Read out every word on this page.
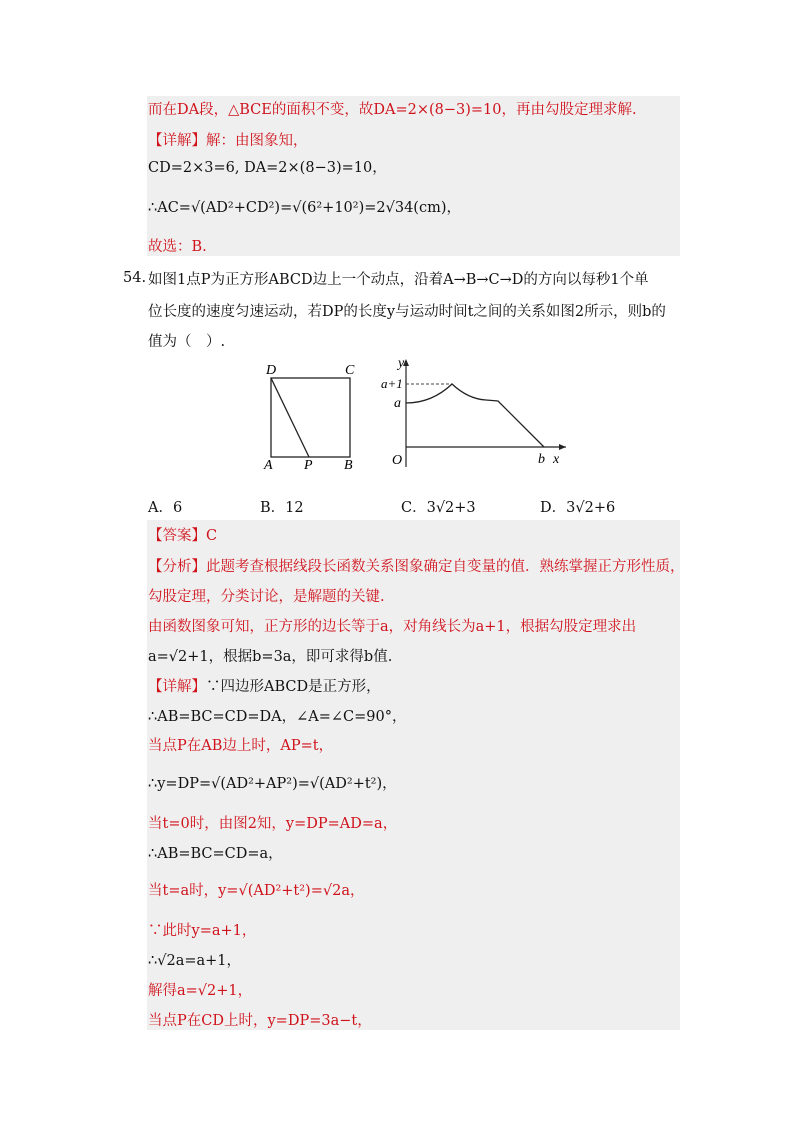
而在DA段，△BCE的面积不变，故DA=2×(8−3)=10，再由勾股定理求解.
【详解】解：由图象知，
CD=2×3=6, DA=2×(8−3)=10，
∴AC=√(AD²+CD²)=√(6²+10²)=2√34(cm)，
故选：B.
54. 如图1点P为正方形ABCD边上一个动点，沿着A→B→C→D的方向以每秒1个单
位长度的速度匀速运动，若DP的长度y与运动时间t之间的关系如图2所示，则b的
值为（　）.
D	C
A P B
y
x
O
a+1
a
b
A．6	B．12	C．3√2+3	D．3√2+6
【答案】C
【分析】此题考查根据线段长函数关系图象确定自变量的值．熟练掌握正方形性质，
勾股定理，分类讨论，是解题的关键.
由函数图象可知，正方形的边长等于a，对角线长为a+1，根据勾股定理求出
a=√2+1，根据b=3a，即可求得b值.
【详解】∵四边形ABCD是正方形，
∴AB=BC=CD=DA，∠A=∠C=90°，
当点P在AB边上时，AP=t，
∴y=DP=√(AD²+AP²)=√(AD²+t²)，
当t=0时，由图2知，y=DP=AD=a，
∴AB=BC=CD=a，
当t=a时，y=√(AD²+t²)=√2a，
∵此时y=a+1，
∴√2a=a+1，
解得a=√2+1，
当点P在CD上时，y=DP=3a−t，
